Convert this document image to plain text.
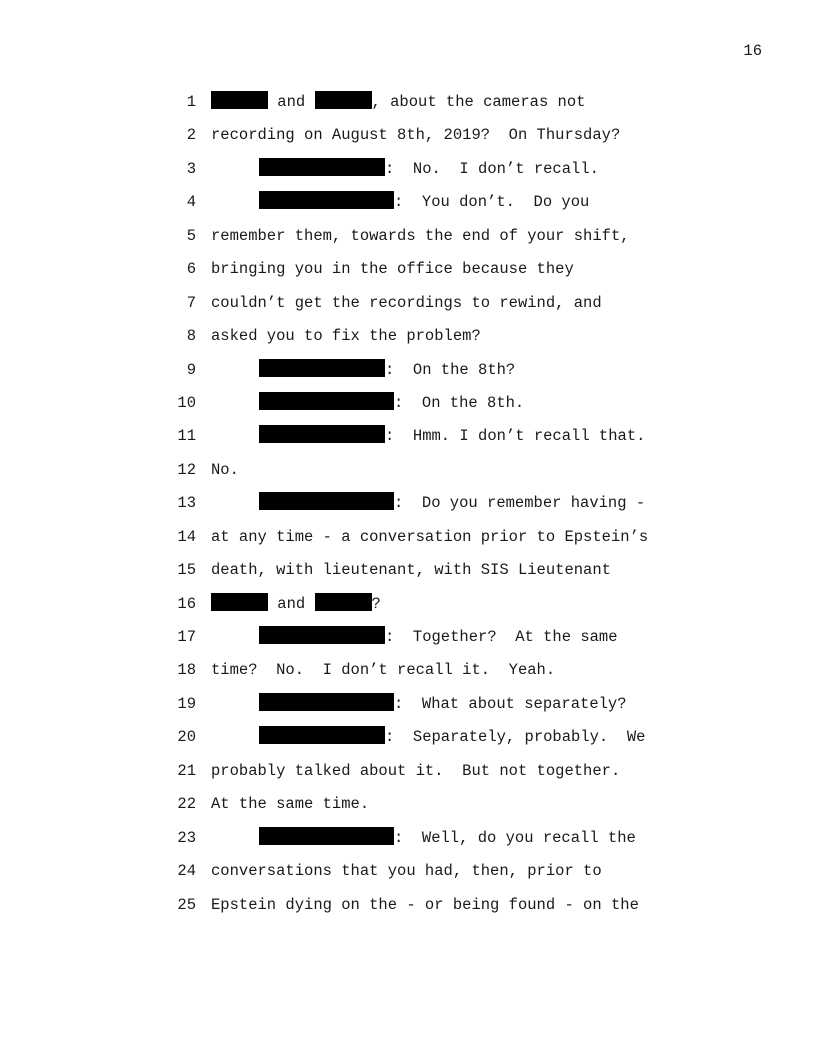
16
1	and	, about the cameras not
2 recording on August 8th, 2019?  On Thursday?
3	:  No.  I don’t recall.
4	:  You don’t.  Do you
5 remember them, towards the end of your shift,
6 bringing you in the office because they
7 couldn’t get the recordings to rewind, and
8 asked you to fix the problem?
9	:  On the 8th?
10	:  On the 8th.
11	:  Hmm. I don’t recall that.
12 No.
13	:  Do you remember having -
14 at any time - a conversation prior to Epstein’s
15 death, with lieutenant, with SIS Lieutenant
16	and	?
17	:  Together?  At the same
18 time?  No.  I don’t recall it.  Yeah.
19	:  What about separately?
20	:  Separately, probably.  We
21 probably talked about it.  But not together.
22 At the same time.
23	:  Well, do you recall the
24 conversations that you had, then, prior to
25 Epstein dying on the - or being found - on the
